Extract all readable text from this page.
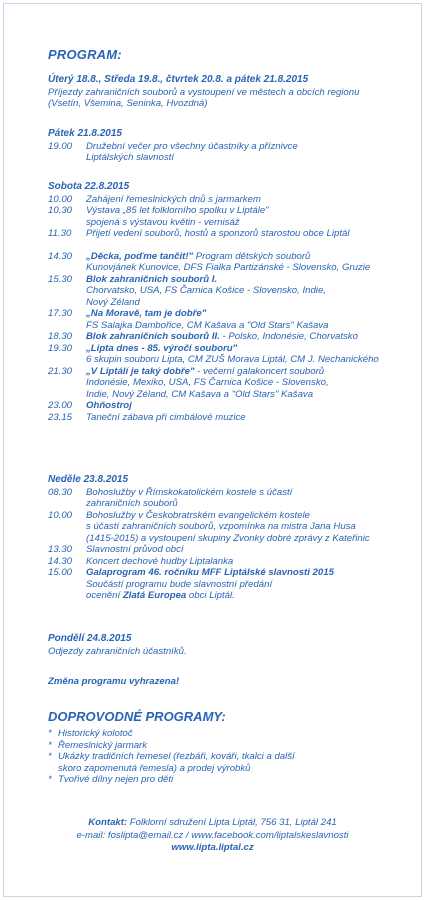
PROGRAM:
Úterý 18.8., Středa 19.8., čtvrtek 20.8. a pátek 21.8.2015
Příjezdy zahraničních souborů a vystoupení ve městech a obcích regionu
(Vsetín, Všemina, Seninka, Hvozdná)
Pátek 21.8.2015
19.00	Družební večer pro všechny účastníky a příznivce
Liptálských slavností
Sobota 22.8.2015
10.00	Zahájení řemeslnických dnů s jarmarkem
10.30	Výstava „85 let folklorního spolku v Liptále"
spojená s výstavou květin - vernisáž
11.30	Přijetí vedení souborů, hostů a sponzorů starostou obce Liptál
14.30	„Děcka, poďme tančit!" Program dětských souborů
Kunovjánek Kunovice, DFS Fialka Partizánské - Slovensko, Gruzie
15.30	Blok zahraničních souborů I.
Chorvatsko, USA, FS Čarnica Košice - Slovensko, Indie,
Nový Zéland
17.30	„Na Moravě, tam je dobře"
FS Salajka Dambořice, CM Kašava a "Old Stars" Kašava
18.30	Blok zahraničních souborů II. - Polsko, Indonésie, Chorvatsko
19.30	„Lipta dnes - 85. výročí souboru"
6 skupin souboru Lipta, CM ZUŠ Morava Liptál, CM J. Nechanického
21.30	„V Liptálí je taký dobře" - večerní galakoncert souborů
Indonésie, Mexiko, USA, FS Čarnica Košice - Slovensko,
Indie, Nový Zéland, CM Kašava a "Old Stars" Kašava
23.00	Ohňostroj
23.15	Taneční zábava při cimbálové muzice
Neděle 23.8.2015
08.30	Bohoslužby v Římskokatolickém kostele s účastí
zahraničních souborů
10.00	Bohoslužby v Českobratrském evangelickém kostele
s účastí zahraničních souborů, vzpomínka na mistra Jana Husa
(1415-2015) a vystoupení skupiny Zvonky dobré zprávy z Kateřinic
13.30	Slavnostní průvod obcí
14.30	Koncert dechové hudby Liptalanka
15.00	Galaprogram 46. ročníku MFF Liptálské slavnosti 2015
Součástí programu bude slavnostní předání
ocenění Zlatá Europea obci Liptál.
Pondělí 24.8.2015
Odjezdy zahraničních účastníků.
Změna programu vyhrazena!
DOPROVODNÉ PROGRAMY:
* Historický kolotoč
* Řemeslnický jarmark
* Ukázky tradičních řemesel (řezbáři, kováři, tkalci a další
skoro zapomenutá řemesla) a prodej výrobků
* Tvořivé dílny nejen pro děti
Kontakt: Folklorní sdružení Lipta Liptál, 756 31, Liptál 241
e-mail: foslipta@email.cz / www.facebook.com/liptalskeslavnosti
www.lipta.liptal.cz
